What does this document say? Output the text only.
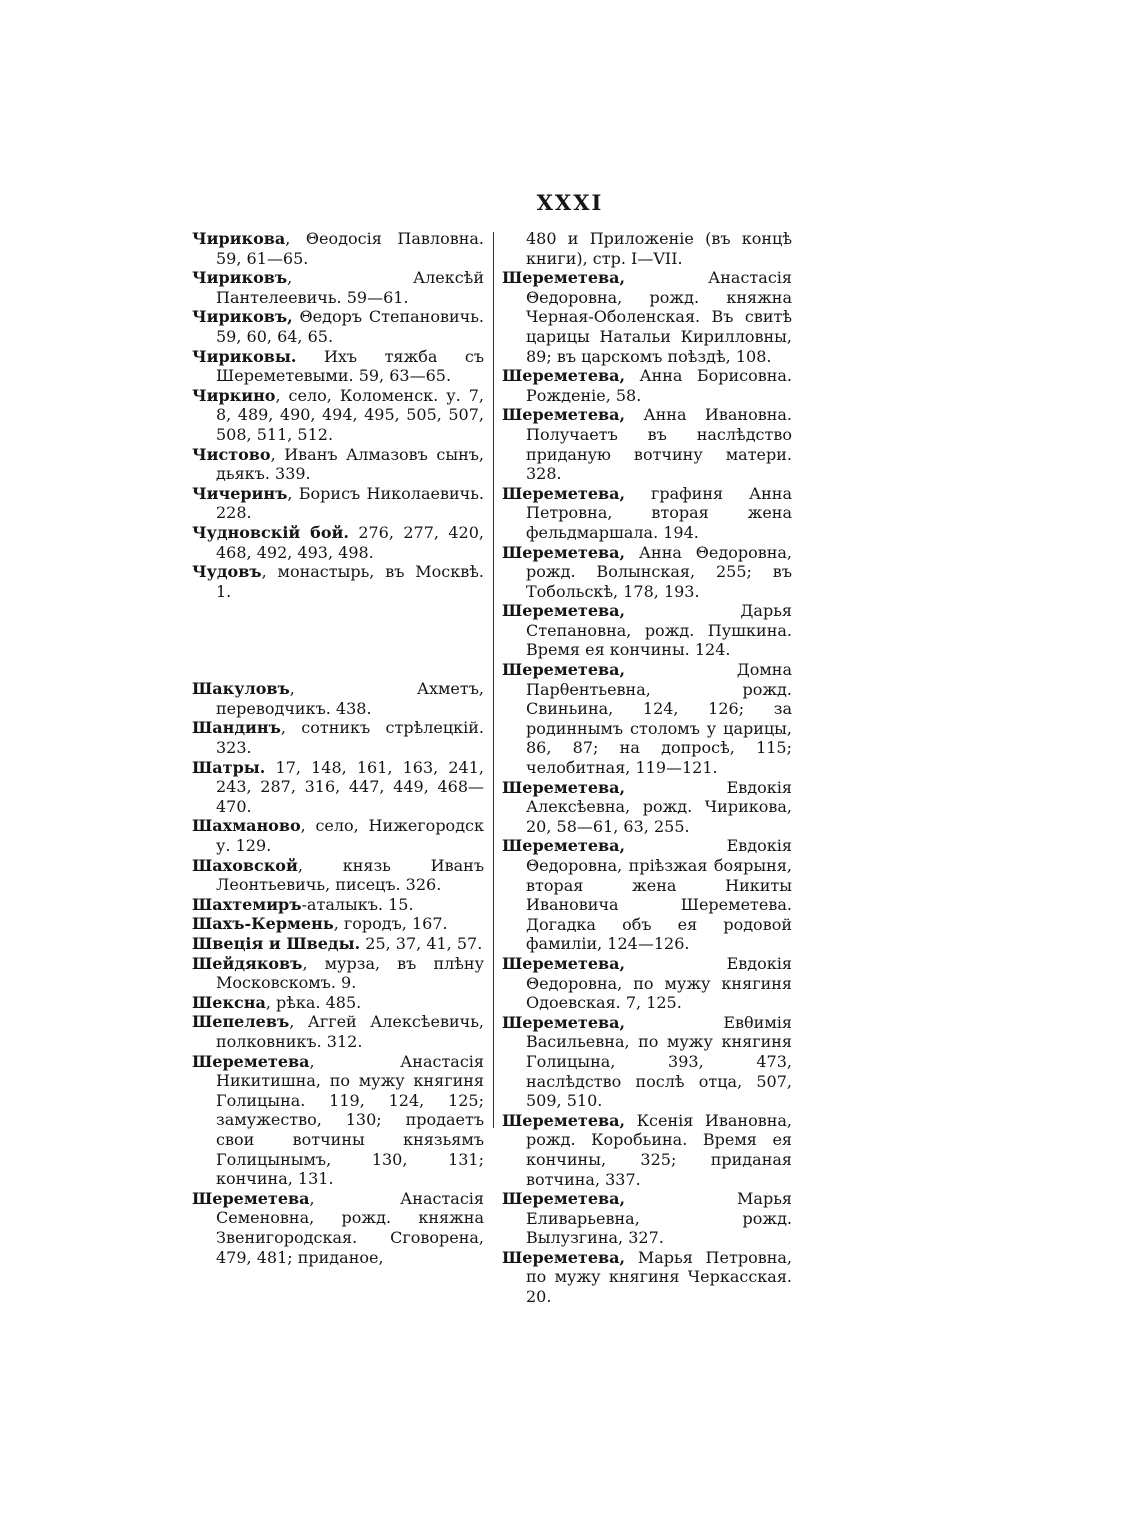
XXXI

Чирикова, Θеодосія Павловна. 59, 61—65.

Чириковъ, Алексѣй Пантелеевичь. 59—61.

Чириковъ, Θедоръ Степановичь. 59, 60, 64, 65.

Чириковы. Ихъ тяжба съ Шереметевыми. 59, 63—65.

Чиркино, село, Коломенск. у. 7, 8, 489, 490, 494, 495, 505, 507, 508, 511, 512.

Чистово, Иванъ Алмазовъ сынъ, дьякъ. 339.

Чичеринъ, Борисъ Николаевичь. 228.

Чудновскій бой. 276, 277, 420, 468, 492, 493, 498.

Чудовъ, монастырь, въ Москвѣ. 1.

Шакуловъ, Ахметъ, переводчикъ. 438.

Шандинъ, сотникъ стрѣлецкій. 323.

Шатры. 17, 148, 161, 163, 241, 243, 287, 316, 447, 449, 468—470.

Шахманово, село, Нижегородск у. 129.

Шаховской, князь Иванъ Леонтьевичь, писецъ. 326.

Шахтемиръ-аталыкъ. 15.

Шахъ-Кермень, городъ, 167.

Швеція и Шведы. 25, 37, 41, 57.

Шейдяковъ, мурза, въ плѣну Московскомъ. 9.

Шексна, рѣка. 485.

Шепелевъ, Аггей Алексѣевичь, полковникъ. 312.

Шереметева, Анастасія Никитишна, по мужу княгиня Голицына. 119, 124, 125; замужество, 130; продаетъ свои вотчины князьямъ Голицынымъ, 130, 131; кончина, 131.

Шереметева, Анастасія Семеновна, рожд. княжна Звенигородская. Сговорена, 479, 481; приданое,

480 и Приложеніе (въ концѣ книги), стр. I—VII.

Шереметева, Анастасія Θедоровна, рожд. княжна Черная-Оболенская. Въ свитѣ царицы Натальи Кирилловны, 89; въ царскомъ поѣздѣ, 108.

Шереметева, Анна Борисовна. Рожденіе, 58.

Шереметева, Анна Ивановна. Получаетъ въ наслѣдство приданую вотчину матери. 328.

Шереметева, графиня Анна Петровна, вторая жена фельдмаршала. 194.

Шереметева, Анна Θедоровна, рожд. Волынская, 255; въ Тобольскѣ, 178, 193.

Шереметева, Дарья Степановна, рожд. Пушкина. Время ея кончины. 124.

Шереметева, Домна Парθентьевна, рожд. Свиньина, 124, 126; за родиннымъ столомъ у царицы, 86, 87; на допросѣ, 115; челобитная, 119—121.

Шереметева, Евдокія Алексѣевна, рожд. Чирикова, 20, 58—61, 63, 255.

Шереметева, Евдокія Θедоровна, пріѣзжая боярыня, вторая жена Никиты Ивановича Шереметева. Догадка объ ея родовой фамиліи, 124—126.

Шереметева, Евдокія Θедоровна, по мужу княгиня Одоевская. 7, 125.

Шереметева, Евθимія Васильевна, по мужу княгиня Голицына, 393, 473, наслѣдство послѣ отца, 507, 509, 510.

Шереметева, Ксенія Ивановна, рожд. Коробьина. Время ея кончины, 325; приданая вотчина, 337.

Шереметева, Марья Еливарьевна, рожд. Вылузгина, 327.

Шереметева, Марья Петровна, по мужу княгиня Черкасская. 20.
